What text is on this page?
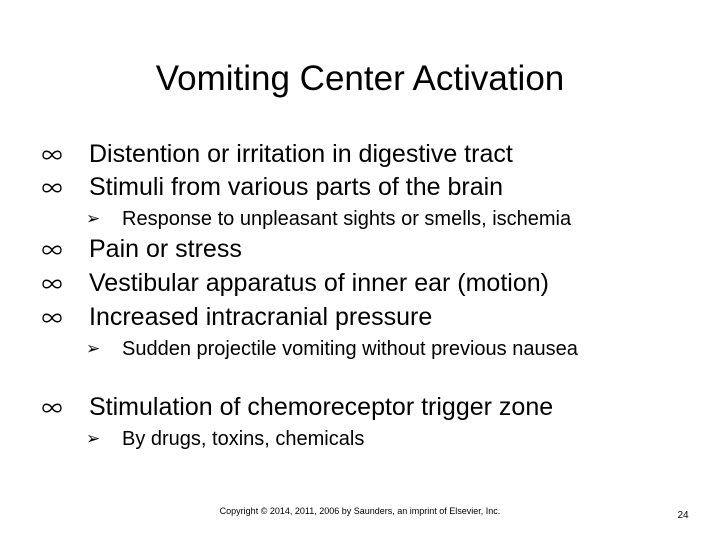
Vomiting Center Activation
Distention or irritation in digestive tract
Stimuli from various parts of the brain
➢ Response to unpleasant sights or smells, ischemia
Pain or stress
Vestibular apparatus of inner ear (motion)
Increased intracranial pressure
➢ Sudden projectile vomiting without previous nausea
Stimulation of chemoreceptor trigger zone
➢ By drugs, toxins, chemicals
Copyright © 2014, 2011, 2006 by Saunders, an imprint of Elsevier, Inc.	24
